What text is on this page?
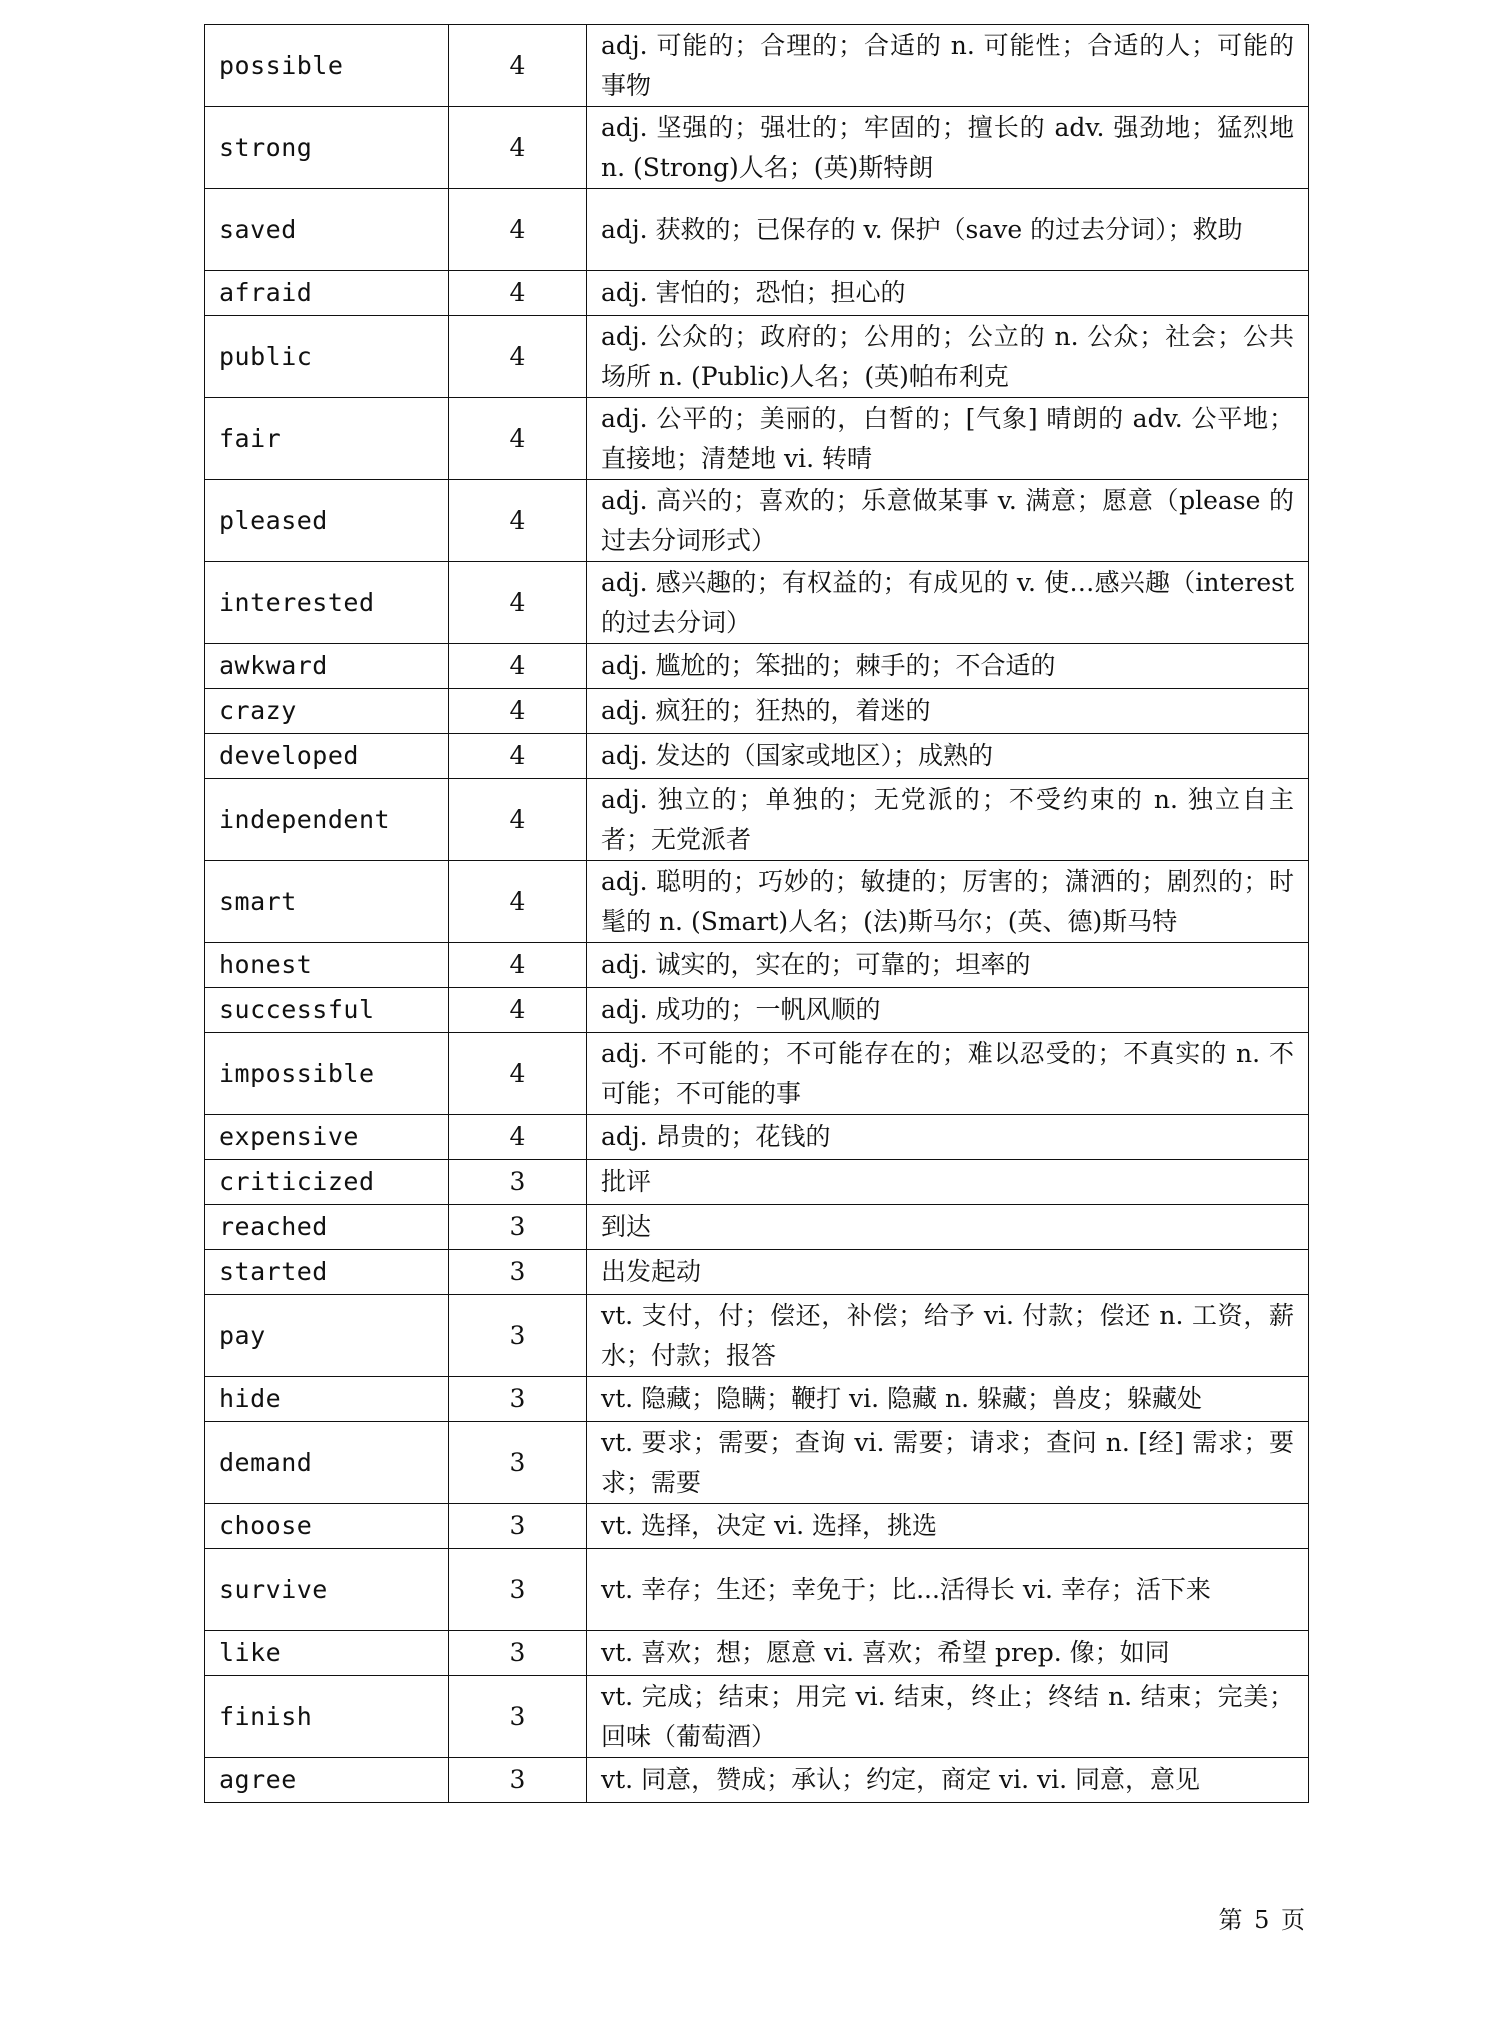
possible	4	adj. 可能的；合理的；合适的 n. 可能性；合适的人；可能的事物
strong	4	adj. 坚强的；强壮的；牢固的；擅长的 adv. 强劲地；猛烈地 n. (Strong)人名；(英)斯特朗
saved	4	adj. 获救的；已保存的 v. 保护（save 的过去分词）；救助
afraid	4	adj. 害怕的；恐怕；担心的
public	4	adj. 公众的；政府的；公用的；公立的 n. 公众；社会；公共场所 n. (Public)人名；(英)帕布利克
fair	4	adj. 公平的；美丽的，白皙的；[气象] 晴朗的 adv. 公平地；直接地；清楚地 vi. 转晴
pleased	4	adj. 高兴的；喜欢的；乐意做某事 v. 满意；愿意（please 的过去分词形式）
interested	4	adj. 感兴趣的；有权益的；有成见的 v. 使…感兴趣（interest 的过去分词）
awkward	4	adj. 尴尬的；笨拙的；棘手的；不合适的
crazy	4	adj. 疯狂的；狂热的，着迷的
developed	4	adj. 发达的（国家或地区）；成熟的
independent	4	adj. 独立的；单独的；无党派的；不受约束的 n. 独立自主者；无党派者
smart	4	adj. 聪明的；巧妙的；敏捷的；厉害的；潇洒的；剧烈的；时髦的 n. (Smart)人名；(法)斯马尔；(英、德)斯马特
honest	4	adj. 诚实的，实在的；可靠的；坦率的
successful	4	adj. 成功的；一帆风顺的
impossible	4	adj. 不可能的；不可能存在的；难以忍受的；不真实的 n. 不可能；不可能的事
expensive	4	adj. 昂贵的；花钱的
criticized	3	批评
reached	3	到达
started	3	出发起动
pay	3	vt. 支付，付；偿还，补偿；给予 vi. 付款；偿还 n. 工资，薪水；付款；报答
hide	3	vt. 隐藏；隐瞒；鞭打 vi. 隐藏 n. 躲藏；兽皮；躲藏处
demand	3	vt. 要求；需要；查询 vi. 需要；请求；查问 n. [经] 需求；要求；需要
choose	3	vt. 选择，决定 vi. 选择，挑选
survive	3	vt. 幸存；生还；幸免于；比...活得长 vi. 幸存；活下来
like	3	vt. 喜欢；想；愿意 vi. 喜欢；希望 prep. 像；如同
finish	3	vt. 完成；结束；用完 vi. 结束，终止；终结 n. 结束；完美；回味（葡萄酒）
agree	3	vt. 同意，赞成；承认；约定，商定 vi. vi. 同意，意见
第 5 页
